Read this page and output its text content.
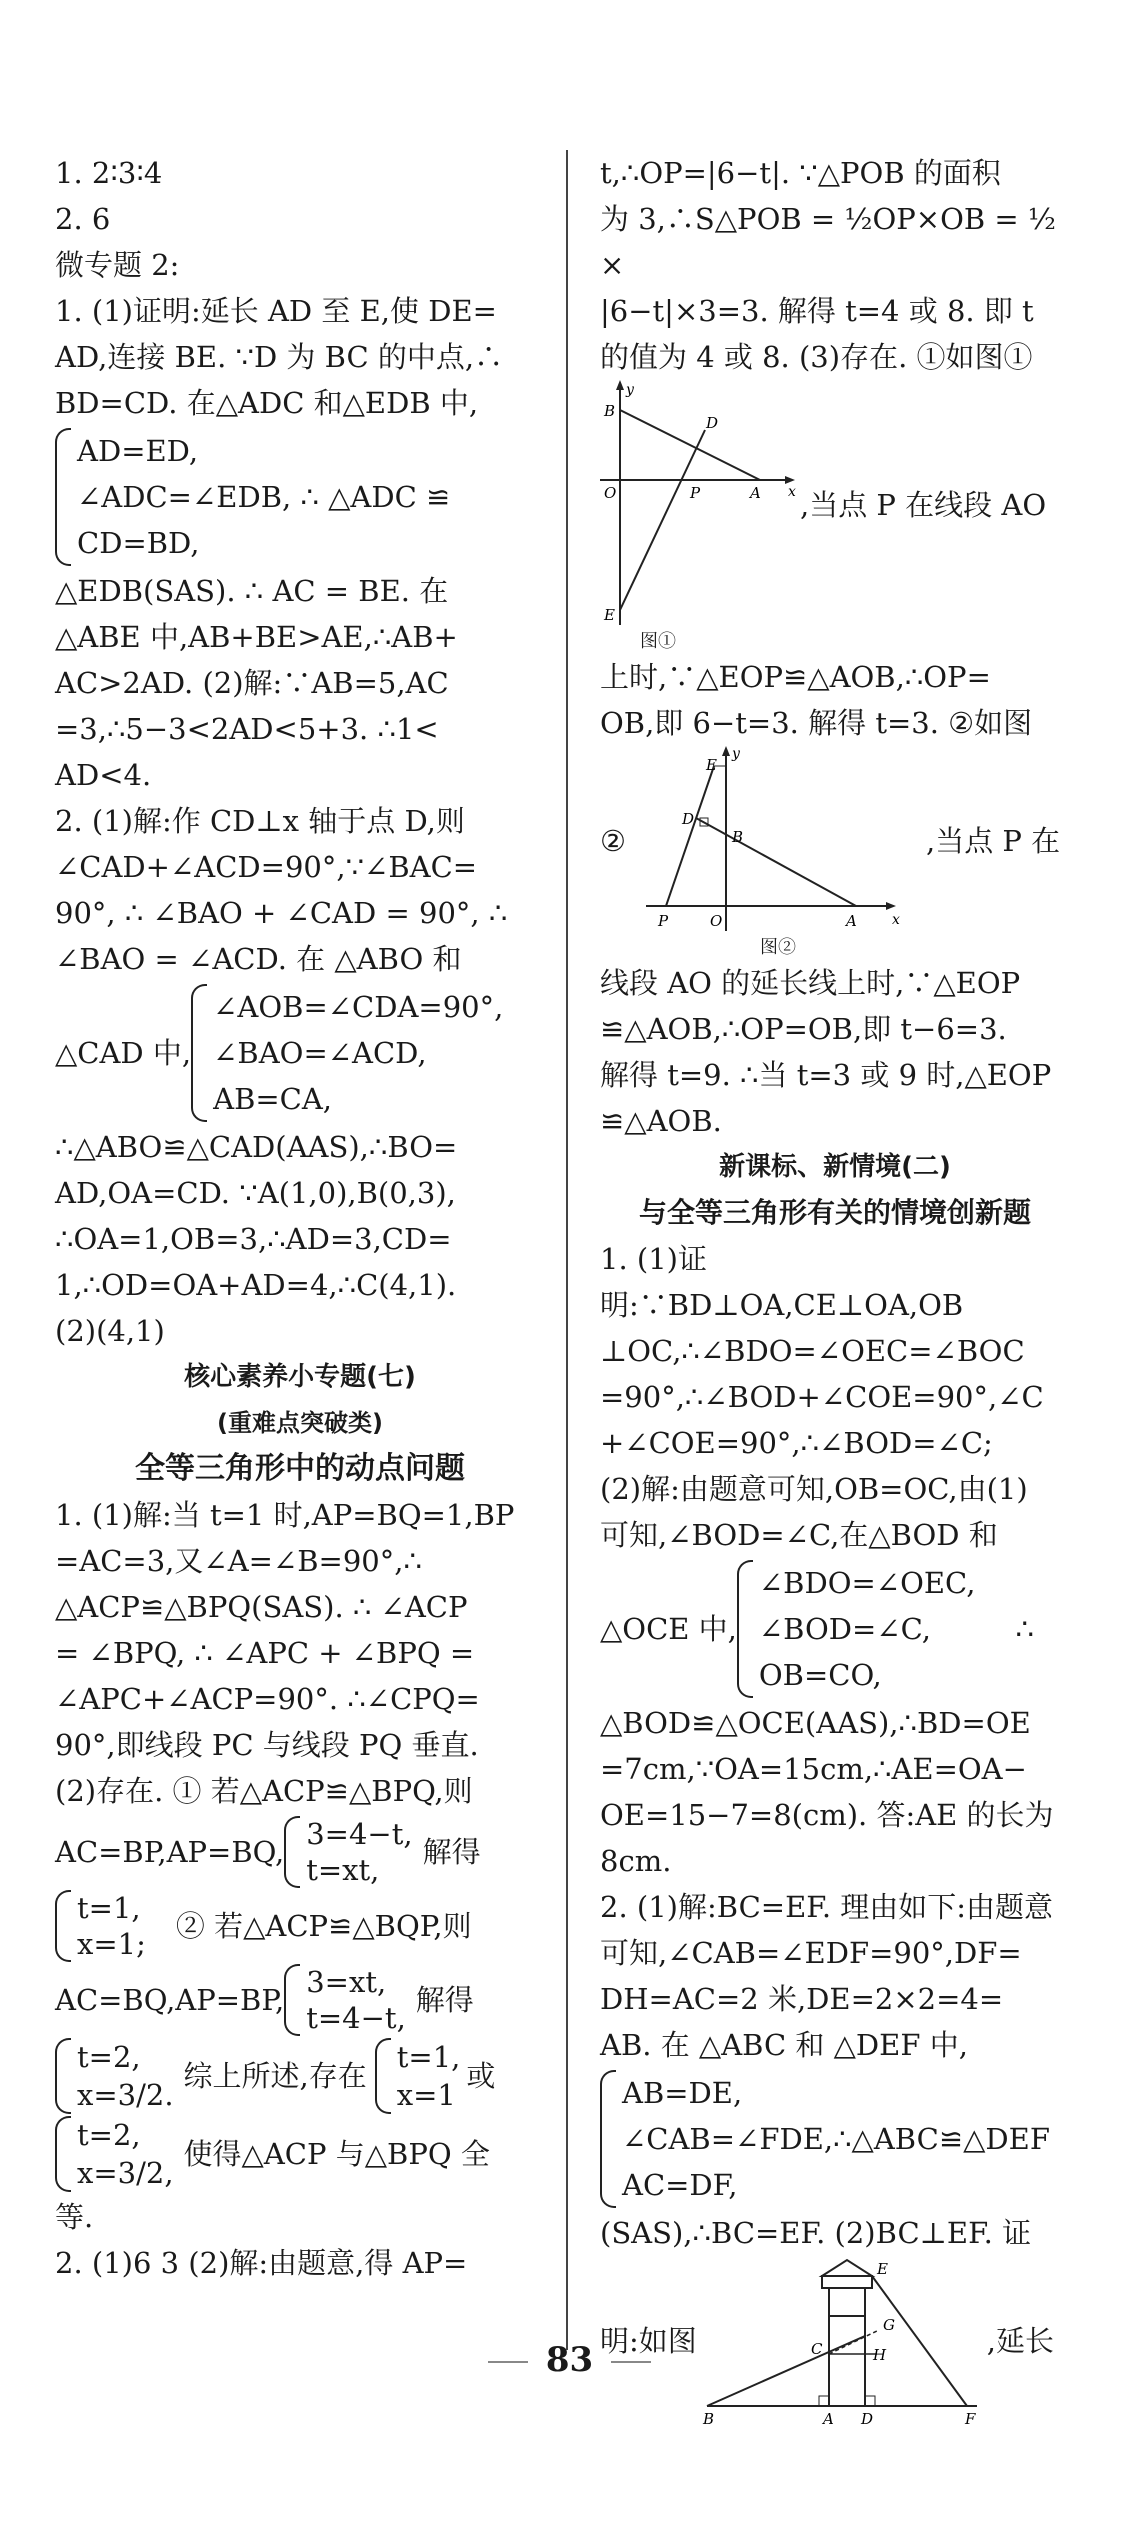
1. 2∶3∶4

2. 6

微专题 2:

1. (1)证明:延长 AD 至 E,使 DE=

AD,连接 BE. ∵D 为 BC 的中点,∴

BD=CD. 在△ADC 和△EDB 中,

AD=ED,
∠ADC=∠EDB, ∴ △ADC ≌
CD=BD,

△EDB(SAS). ∴ AC = BE. 在

△ABE 中,AB+BE>AE,∴AB+

AC>2AD. (2)解:∵AB=5,AC

=3,∴5−3<2AD<5+3. ∴1<

AD<4.

2. (1)解:作 CD⊥x 轴于点 D,则

∠CAD+∠ACD=90°,∵∠BAC=

90°, ∴ ∠BAO + ∠CAD = 90°, ∴

∠BAO = ∠ACD. 在 △ABO 和

△CAD 中,
∠AOB=∠CDA=90°,
∠BAO=∠ACD,
AB=CA,

∴△ABO≌△CAD(AAS),∴BO=

AD,OA=CD. ∵A(1,0),B(0,3),

∴OA=1,OB=3,∴AD=3,CD=

1,∴OD=OA+AD=4,∴C(4,1).

(2)(4,1)

核心素养小专题(七)

(重难点突破类)

全等三角形中的动点问题

1. (1)解:当 t=1 时,AP=BQ=1,BP

=AC=3,又∠A=∠B=90°,∴

△ACP≌△BPQ(SAS). ∴ ∠ACP

= ∠BPQ, ∴ ∠APC + ∠BPQ =

∠APC+∠ACP=90°. ∴∠CPQ=

90°,即线段 PC 与线段 PQ 垂直.

(2)存在. ① 若△ACP≌△BPQ,则

AC=BP,AP=BQ,
3=4−t,
t=xt,
解得
t=1,
x=1;
② 若△ACP≌△BQP,则
AC=BQ,AP=BP,
3=xt,
t=4−t,
解得
t=2,
x=3/2.
综上所述,存在
t=1,
x=1
或
t=2,
x=3/2,
使得△ACP 与△BPQ 全

等.

2. (1)6 3 (2)解:由题意,得 AP=

t,∴OP=|6−t|. ∵△POB 的面积

为 3,∴S△POB = ½OP×OB = ½ ×

|6−t|×3=3. 解得 t=4 或 8. 即 t

的值为 4 或 8. (3)存在. ①如图①

y
x
B
D
O	P	A
E
,当点 P 在线段 AO

图①

上时,∵△EOP≌△AOB,∴OP=

OB,即 6−t=3. 解得 t=3. ②如图

②
y
x
E
D
B
P	O	A
,当点 P 在

图②

线段 AO 的延长线上时,∵△EOP

≌△AOB,∴OP=OB,即 t−6=3.

解得 t=9. ∴当 t=3 或 9 时,△EOP

≌△AOB.

新课标、新情境(二)

与全等三角形有关的情境创新题

1. (1)证明:∵BD⊥OA,CE⊥OA,OB

⊥OC,∴∠BDO=∠OEC=∠BOC

=90°,∴∠BOD+∠COE=90°,∠C

+∠COE=90°,∴∠BOD=∠C;

(2)解:由题意可知,OB=OC,由(1)

可知,∠BOD=∠C,在△BOD 和

△OCE 中,
∠BDO=∠OEC,
∠BOD=∠C,
OB=CO,
∴

△BOD≌△OCE(AAS),∴BD=OE

=7cm,∵OA=15cm,∴AE=OA−

OE=15−7=8(cm). 答:AE 的长为

8cm.

2. (1)解:BC=EF. 理由如下:由题意

可知,∠CAB=∠EDF=90°,DF=

DH=AC=2 米,DE=2×2=4=

AB. 在 △ABC 和 △DEF 中,

AB=DE,
∠CAB=∠FDE,∴△ABC≌△DEF
AC=DF,

(SAS),∴BC=EF. (2)BC⊥EF. 证

明:如图
E
G
H
C
B	A D	F
,延长
83
